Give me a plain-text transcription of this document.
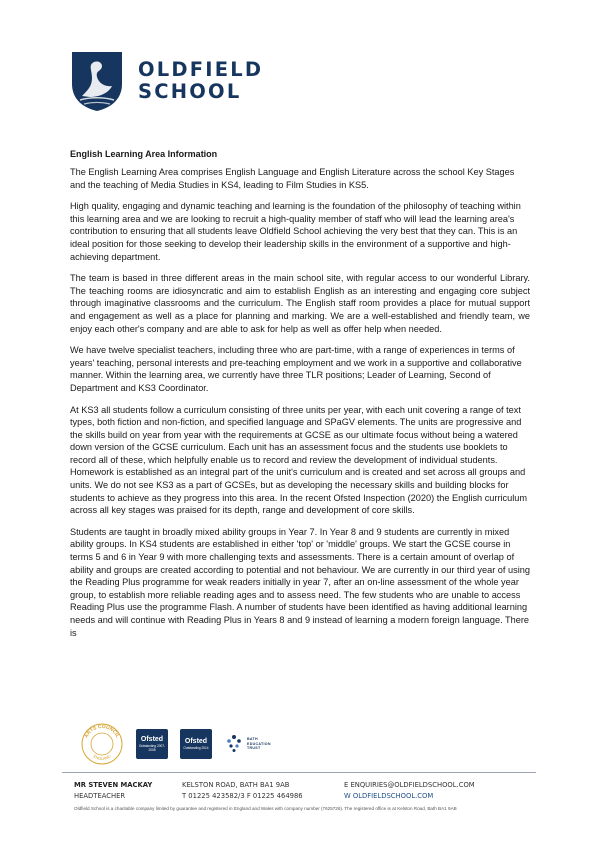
OLDFIELD
SCHOOL
English Learning Area Information

The English Learning Area comprises English Language and English Literature across the school Key Stages and the teaching of Media Studies in KS4, leading to Film Studies in KS5.

High quality, engaging and dynamic teaching and learning is the foundation of the philosophy of teaching within this learning area and we are looking to recruit a high-quality member of staff who will lead the learning area's contribution to ensuring that all students leave Oldfield School achieving the very best that they can. This is an ideal position for those seeking to develop their leadership skills in the environment of a supportive and high-achieving department.

The team is based in three different areas in the main school site, with regular access to our wonderful Library. The teaching rooms are idiosyncratic and aim to establish English as an interesting and engaging core subject through imaginative classrooms and the curriculum. The English staff room provides a place for mutual support and engagement as well as a place for planning and marking. We are a well-established and friendly team, we enjoy each other's company and are able to ask for help as well as offer help when needed.

We have twelve specialist teachers, including three who are part-time, with a range of experiences in terms of years' teaching, personal interests and pre-teaching employment and we work in a supportive and collaborative manner. Within the learning area, we currently have three TLR positions; Leader of Learning, Second of Department and KS3 Coordinator.

At KS3 all students follow a curriculum consisting of three units per year, with each unit covering a range of text types, both fiction and non-fiction, and specified language and SPaGV elements. The units are progressive and the skills build on year from year with the requirements at GCSE as our ultimate focus without being a watered down version of the GCSE curriculum. Each unit has an assessment focus and the students use booklets to record all of these, which helpfully enable us to record and review the development of individual students. Homework is established as an integral part of the unit's curriculum and is created and set across all groups and units. We do not see KS3 as a part of GCSEs, but as developing the necessary skills and building blocks for students to achieve as they progress into this area. In the recent Ofsted Inspection (2020) the English curriculum across all key stages was praised for its depth, range and development of core skills.

Students are taught in broadly mixed ability groups in Year 7. In Year 8 and 9 students are currently in mixed ability groups. In KS4 students are established in either 'top' or 'middle' groups. We start the GCSE course in terms 5 and 6 in Year 9 with more challenging texts and assessments. There is a certain amount of overlap of ability and groups are created according to potential and not behaviour. We are currently in our third year of using the Reading Plus programme for weak readers initially in year 7, after an on-line assessment of the whole year group, to establish more reliable reading ages and to assess need. The few students who are unable to access Reading Plus use the programme Flash. A number of students have been identified as having additional learning needs and will continue with Reading Plus in Years 8 and 9 instead of learning a modern foreign language. There is

ARTS COUNCIL
ENGLAND
Ofsted
Outstanding 2007-2008
Ofsted
Outstanding 2014
BATH
EDUCATION
TRUST
MR STEVEN MACKAY
HEADTEACHER
KELSTON ROAD, BATH BA1 9AB
T 01225 423582/3 F 01225 464986
E ENQUIRIES@OLDFIELDSCHOOL.COM
W OLDFIELDSCHOOL.COM
Oldfield School is a charitable company limited by guarantee and registered in England and Wales with company number (7625726). The registered office is at Kelston Road, Bath BA1 9AB
